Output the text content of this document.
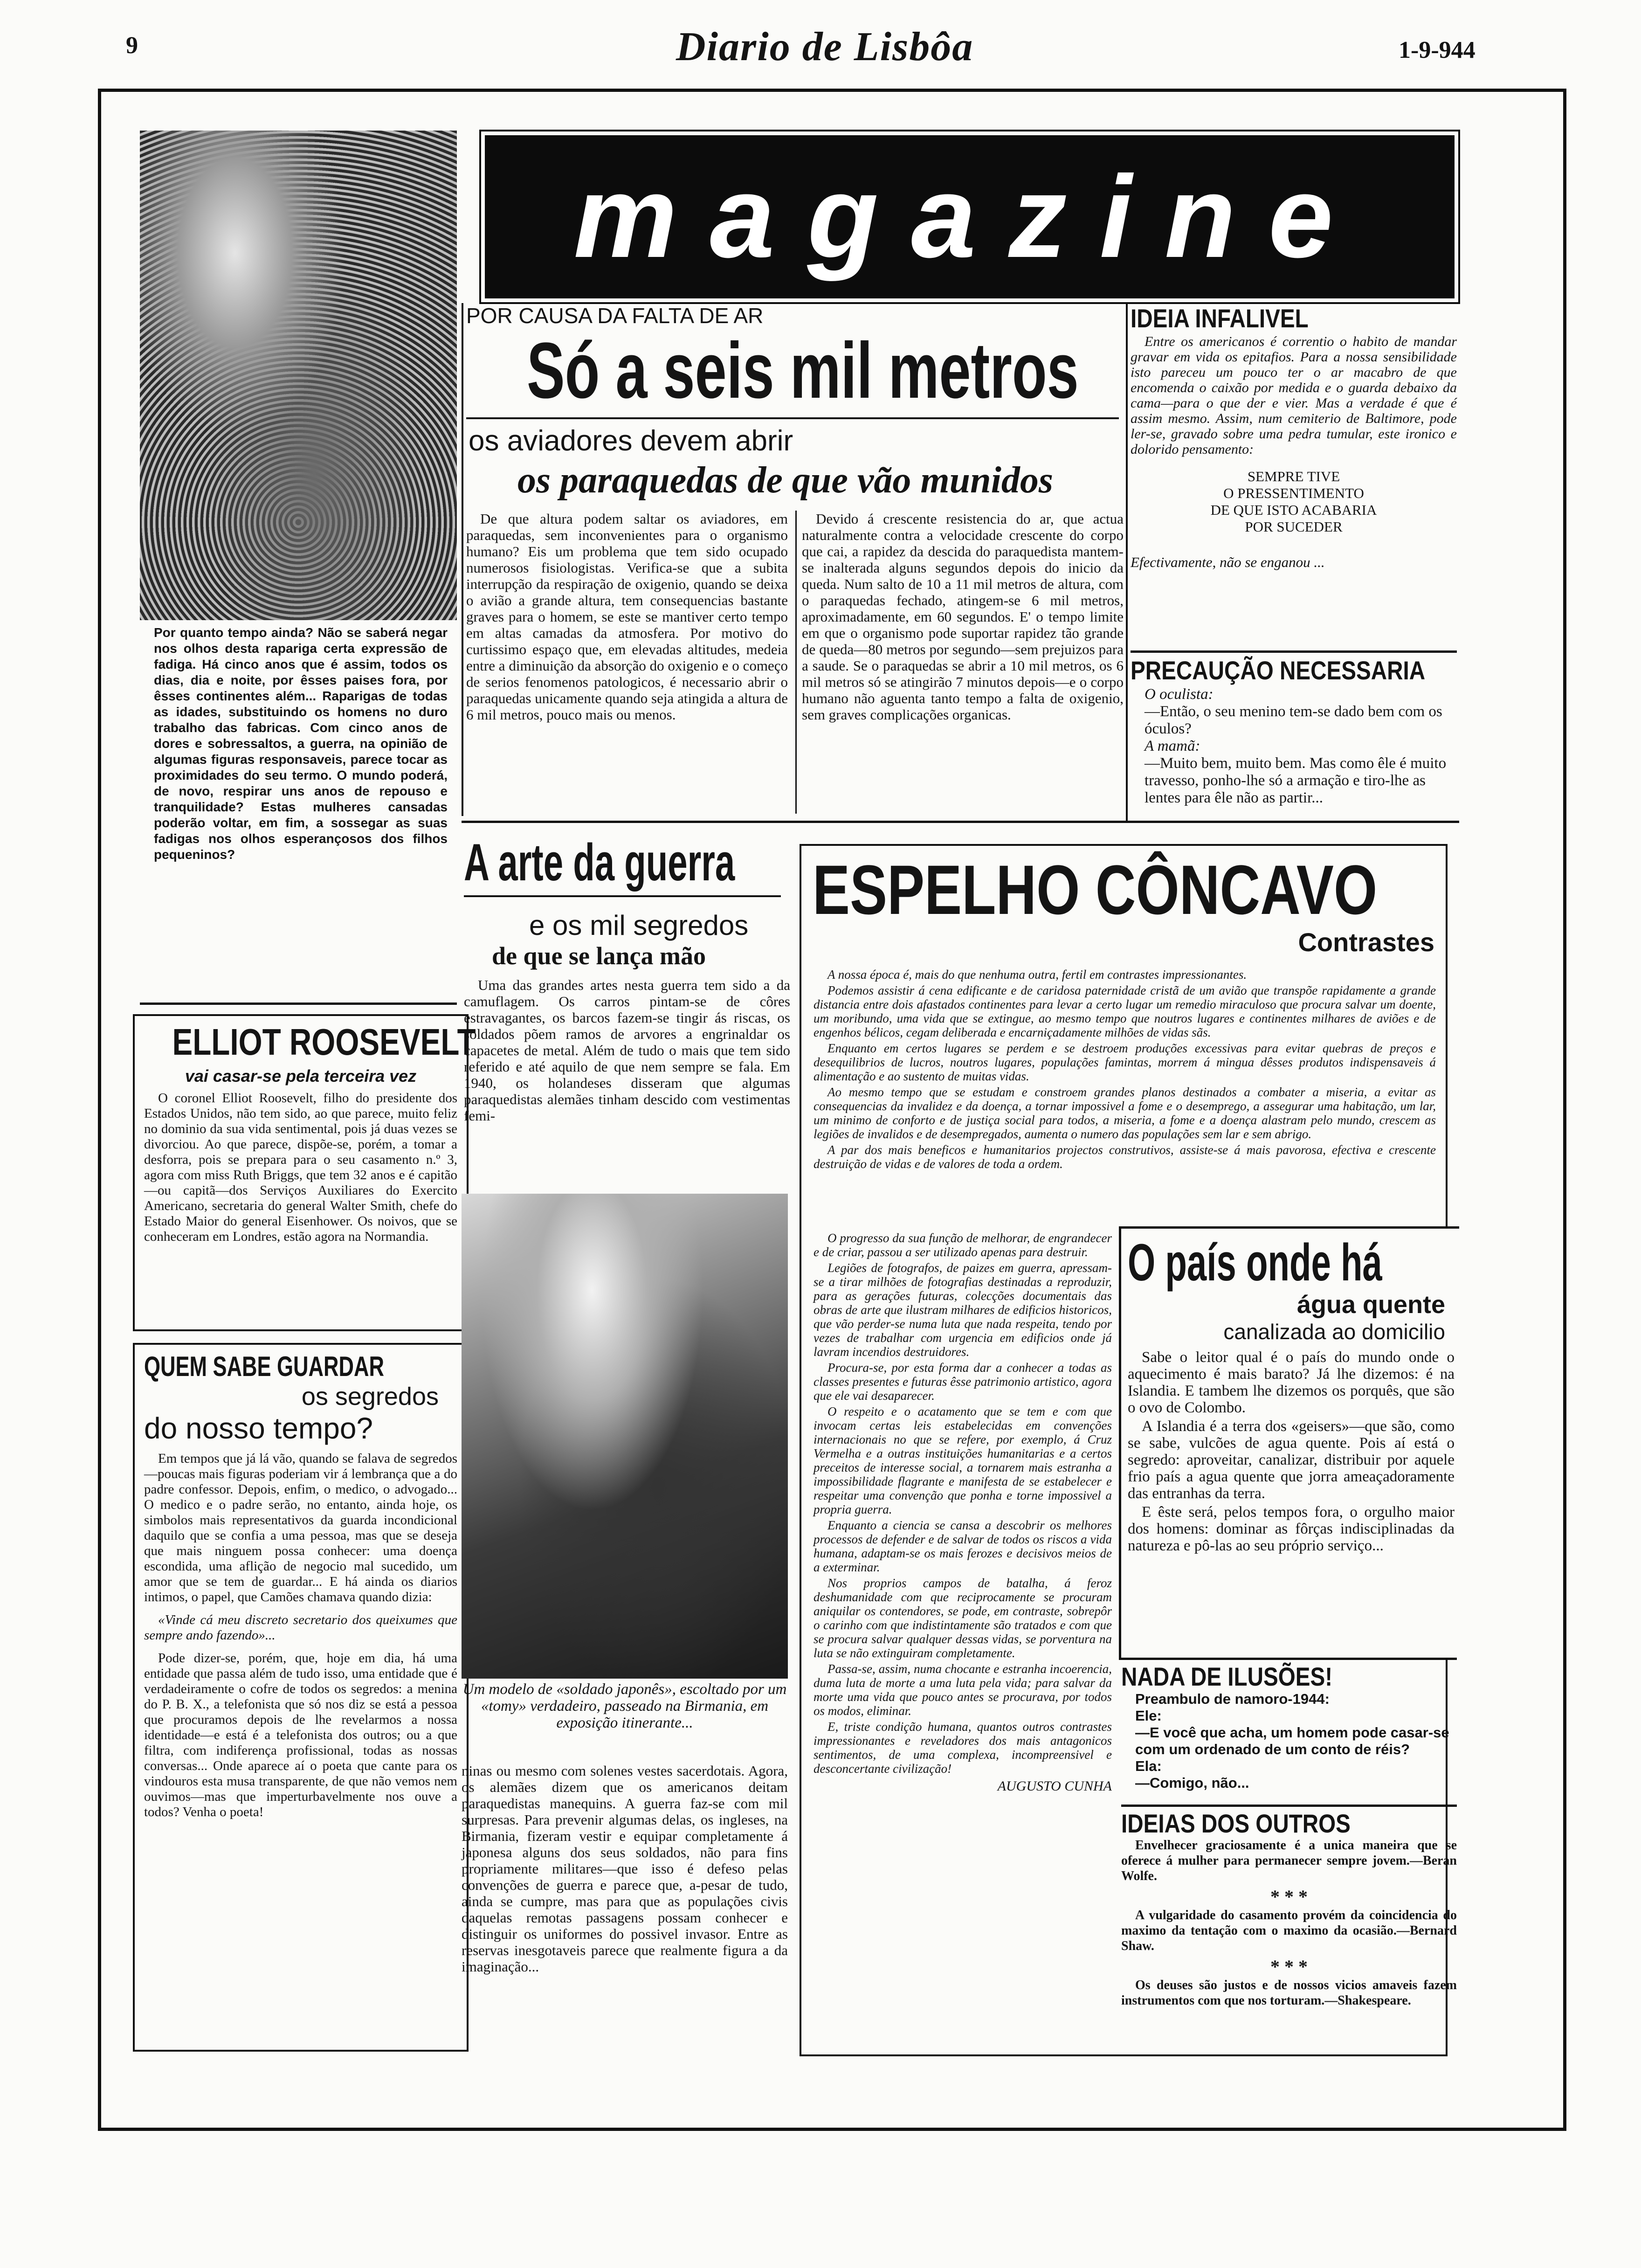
9	Diario de Lisbôa	1-9-944
Por quanto tempo ainda? Não se saberá negar nos olhos desta rapariga certa expressão de fadiga. Há cinco anos que é assim, todos os dias, dia e noite, por êsses paises fora, por êsses continentes além... Raparigas de todas as idades, substituindo os homens no duro trabalho das fabricas. Com cinco anos de dores e sobressaltos, a guerra, na opinião de algumas figuras responsaveis, parece tocar as proximidades do seu termo. O mundo poderá, de novo, respirar uns anos de repouso e tranquilidade? Estas mulheres cansadas poderão voltar, em fim, a sossegar as suas fadigas nos olhos esperançosos dos filhos pequeninos?
ELLIOT ROOSEVELT
vai casar-se pela terceira vez

O coronel Elliot Roosevelt, filho do presidente dos Estados Unidos, não tem sido, ao que parece, muito feliz no dominio da sua vida sentimental, pois já duas vezes se divorciou. Ao que parece, dispõe-se, porém, a tomar a desforra, pois se prepara para o seu casamento n.º 3, agora com miss Ruth Briggs, que tem 32 anos e é capitão—ou capitã—dos Serviços Auxiliares do Exercito Americano, secretaria do general Walter Smith, chefe do Estado Maior do general Eisenhower. Os noivos, que se conheceram em Londres, estão agora na Normandia.

QUEM SABE GUARDAR
os segredos
do nosso tempo?

Em tempos que já lá vão, quando se falava de segredos—poucas mais figuras poderiam vir á lembrança que a do padre confessor. Depois, enfim, o medico, o advogado... O medico e o padre serão, no entanto, ainda hoje, os simbolos mais representativos da guarda incondicional daquilo que se confia a uma pessoa, mas que se deseja que mais ninguem possa conhecer: uma doença escondida, uma aflição de negocio mal sucedido, um amor que se tem de guardar... E há ainda os diarios intimos, o papel, que Camões chamava quando dizia:

«Vinde cá meu discreto secretario dos queixumes que sempre ando fazendo»...

Pode dizer-se, porém, que, hoje em dia, há uma entidade que passa além de tudo isso, uma entidade que é verdadeiramente o cofre de todos os segredos: a menina do P. B. X., a telefonista que só nos diz se está a pessoa que procuramos depois de lhe revelarmos a nossa identidade—e está é a telefonista dos outros; ou a que filtra, com indiferença profissional, todas as nossas conversas... Onde aparece aí o poeta que cante para os vindouros esta musa transparente, de que não vemos nem ouvimos—mas que imperturbavelmente nos ouve a todos? Venha o poeta!

magazine
POR CAUSA DA FALTA DE AR
Só a seis mil metros
os aviadores devem abrir
os paraquedas de que vão munidos

De que altura podem saltar os aviadores, em paraquedas, sem inconvenientes para o organismo humano? Eis um problema que tem sido ocupado numerosos fisiologistas. Verifica-se que a subita interrupção da respiração de oxigenio, quando se deixa o avião a grande altura, tem consequencias bastante graves para o homem, se este se mantiver certo tempo em altas camadas da atmosfera. Por motivo do curtissimo espaço que, em elevadas altitudes, medeia entre a diminuição da absorção do oxigenio e o começo de serios fenomenos patologicos, é necessario abrir o paraquedas unicamente quando seja atingida a altura de 6 mil metros, pouco mais ou menos.

Devido á crescente resistencia do ar, que actua naturalmente contra a velocidade crescente do corpo que cai, a rapidez da descida do paraquedista mantem-se inalterada alguns segundos depois do inicio da queda. Num salto de 10 a 11 mil metros de altura, com o paraquedas fechado, atingem-se 6 mil metros, aproximadamente, em 60 segundos. E' o tempo limite em que o organismo pode suportar rapidez tão grande de queda—80 metros por segundo—sem prejuizos para a saude. Se o paraquedas se abrir a 10 mil metros, os 6 mil metros só se atingirão 7 minutos depois—e o corpo humano não aguenta tanto tempo a falta de oxigenio, sem graves complicações organicas.

IDEIA INFALIVEL

Entre os americanos é correntio o habito de mandar gravar em vida os epitafios. Para a nossa sensibilidade isto pareceu um pouco ter o ar macabro de que encomenda o caixão por medida e o guarda debaixo da cama—para o que der e vier. Mas a verdade é que é assim mesmo. Assim, num cemiterio de Baltimore, pode ler-se, gravado sobre uma pedra tumular, este ironico e dolorido pensamento:

SEMPRE TIVE
O PRESSENTIMENTO
DE QUE ISTO ACABARIA
POR SUCEDER
Efectivamente, não se enganou ...
PRECAUÇÃO NECESSARIA
O oculista:
—Então, o seu menino tem-se dado bem com os óculos?
A mamã:
—Muito bem, muito bem. Mas como êle é muito travesso, ponho-lhe só a armação e tiro-lhe as lentes para êle não as partir...
A arte da guerra
e os mil segredos
de que se lança mão

Uma das grandes artes nesta guerra tem sido a da camuflagem. Os carros pintam-se de côres estravagantes, os barcos fazem-se tingir ás riscas, os soldados põem ramos de arvores a engrinaldar os capacetes de metal. Além de tudo o mais que tem sido referido e até aquilo de que nem sempre se fala. Em 1940, os holandeses disseram que algumas paraquedistas alemães tinham descido com vestimentas femi-

Um modelo de «soldado japonês», escoltado por um «tomy» verdadeiro, passeado na Birmania, em exposição itinerante...

ninas ou mesmo com solenes vestes sacerdotais. Agora, os alemães dizem que os americanos deitam paraquedistas manequins. A guerra faz-se com mil surpresas. Para prevenir algumas delas, os ingleses, na Birmania, fizeram vestir e equipar completamente á japonesa alguns dos seus soldados, não para fins propriamente militares—que isso é defeso pelas convenções de guerra e parece que, a-pesar de tudo, ainda se cumpre, mas para que as populações civis daquelas remotas passagens possam conhecer e distinguir os uniformes do possivel invasor. Entre as reservas inesgotaveis parece que realmente figura a da imaginação...

ESPELHO CÔNCAVO
Contrastes

A nossa época é, mais do que nenhuma outra, fertil em contrastes impressionantes.

Podemos assistir á cena edificante e de caridosa paternidade cristã de um avião que transpõe rapidamente a grande distancia entre dois afastados continentes para levar a certo lugar um remedio miraculoso que procura salvar um doente, um moribundo, uma vida que se extingue, ao mesmo tempo que noutros lugares e continentes milhares de aviões e de engenhos bélicos, cegam deliberada e encarniçadamente milhões de vidas sãs.

Enquanto em certos lugares se perdem e se destroem produções excessivas para evitar quebras de preços e desequilibrios de lucros, noutros lugares, populações famintas, morrem á mingua dêsses produtos indispensaveis á alimentação e ao sustento de muitas vidas.

Ao mesmo tempo que se estudam e constroem grandes planos destinados a combater a miseria, a evitar as consequencias da invalidez e da doença, a tornar impossivel a fome e o desemprego, a assegurar uma habitação, um lar, um minimo de conforto e de justiça social para todos, a miseria, a fome e a doença alastram pelo mundo, crescem as legiões de invalidos e de desempregados, aumenta o numero das populações sem lar e sem abrigo.

A par dos mais beneficos e humanitarios projectos construtivos, assiste-se á mais pavorosa, efectiva e crescente destruição de vidas e de valores de toda a ordem.

O progresso da sua função de melhorar, de engrandecer e de criar, passou a ser utilizado apenas para destruir.

Legiões de fotografos, de paizes em guerra, apressam-se a tirar milhões de fotografias destinadas a reproduzir, para as gerações futuras, colecções documentais das obras de arte que ilustram milhares de edificios historicos, que vão perder-se numa luta que nada respeita, tendo por vezes de trabalhar com urgencia em edificios onde já lavram incendios destruidores.

Procura-se, por esta forma dar a conhecer a todas as classes presentes e futuras êsse patrimonio artistico, agora que ele vai desaparecer.

O respeito e o acatamento que se tem e com que invocam certas leis estabelecidas em convenções internacionais no que se refere, por exemplo, á Cruz Vermelha e a outras instituições humanitarias e a certos preceitos de interesse social, a tornarem mais estranha a impossibilidade flagrante e manifesta de se estabelecer e respeitar uma convenção que ponha e torne impossivel a propria guerra.

Enquanto a ciencia se cansa a descobrir os melhores processos de defender e de salvar de todos os riscos a vida humana, adaptam-se os mais ferozes e decisivos meios de a exterminar.

Nos proprios campos de batalha, á feroz deshumanidade com que reciprocamente se procuram aniquilar os contendores, se pode, em contraste, sobrepôr o carinho com que indistintamente são tratados e com que se procura salvar qualquer dessas vidas, se porventura na luta se não extinguiram completamente.

Passa-se, assim, numa chocante e estranha incoerencia, duma luta de morte a uma luta pela vida; para salvar da morte uma vida que pouco antes se procurava, por todos os modos, eliminar.

E, triste condição humana, quantos outros contrastes impressionantes e reveladores dos mais antagonicos sentimentos, de uma complexa, incompreensivel e desconcertante civilização!

AUGUSTO CUNHA
O país onde há
água quente
canalizada ao domicilio

Sabe o leitor qual é o país do mundo onde o aquecimento é mais barato? Já lhe dizemos: é na Islandia. E tambem lhe dizemos os porquês, que são o ovo de Colombo.

A Islandia é a terra dos «geisers»—que são, como se sabe, vulcões de agua quente. Pois aí está o segredo: aproveitar, canalizar, distribuir por aquele frio país a agua quente que jorra ameaçadoramente das entranhas da terra.

E êste será, pelos tempos fora, o orgulho maior dos homens: dominar as fôrças indisciplinadas da natureza e pô-las ao seu próprio serviço...

NADA DE ILUSÕES!
Preambulo de namoro-1944:
Ele:
—E você que acha, um homem pode casar-se com um ordenado de um conto de réis?
Ela:
—Comigo, não...
IDEIAS DOS OUTROS

Envelhecer graciosamente é a unica maneira que se oferece á mulher para permanecer sempre jovem.—Beran Wolfe.

* * *

A vulgaridade do casamento provém da coincidencia do maximo da tentação com o maximo da ocasião.—Bernard Shaw.

* * *

Os deuses são justos e de nossos vicios amaveis fazem instrumentos com que nos torturam.—Shakespeare.
